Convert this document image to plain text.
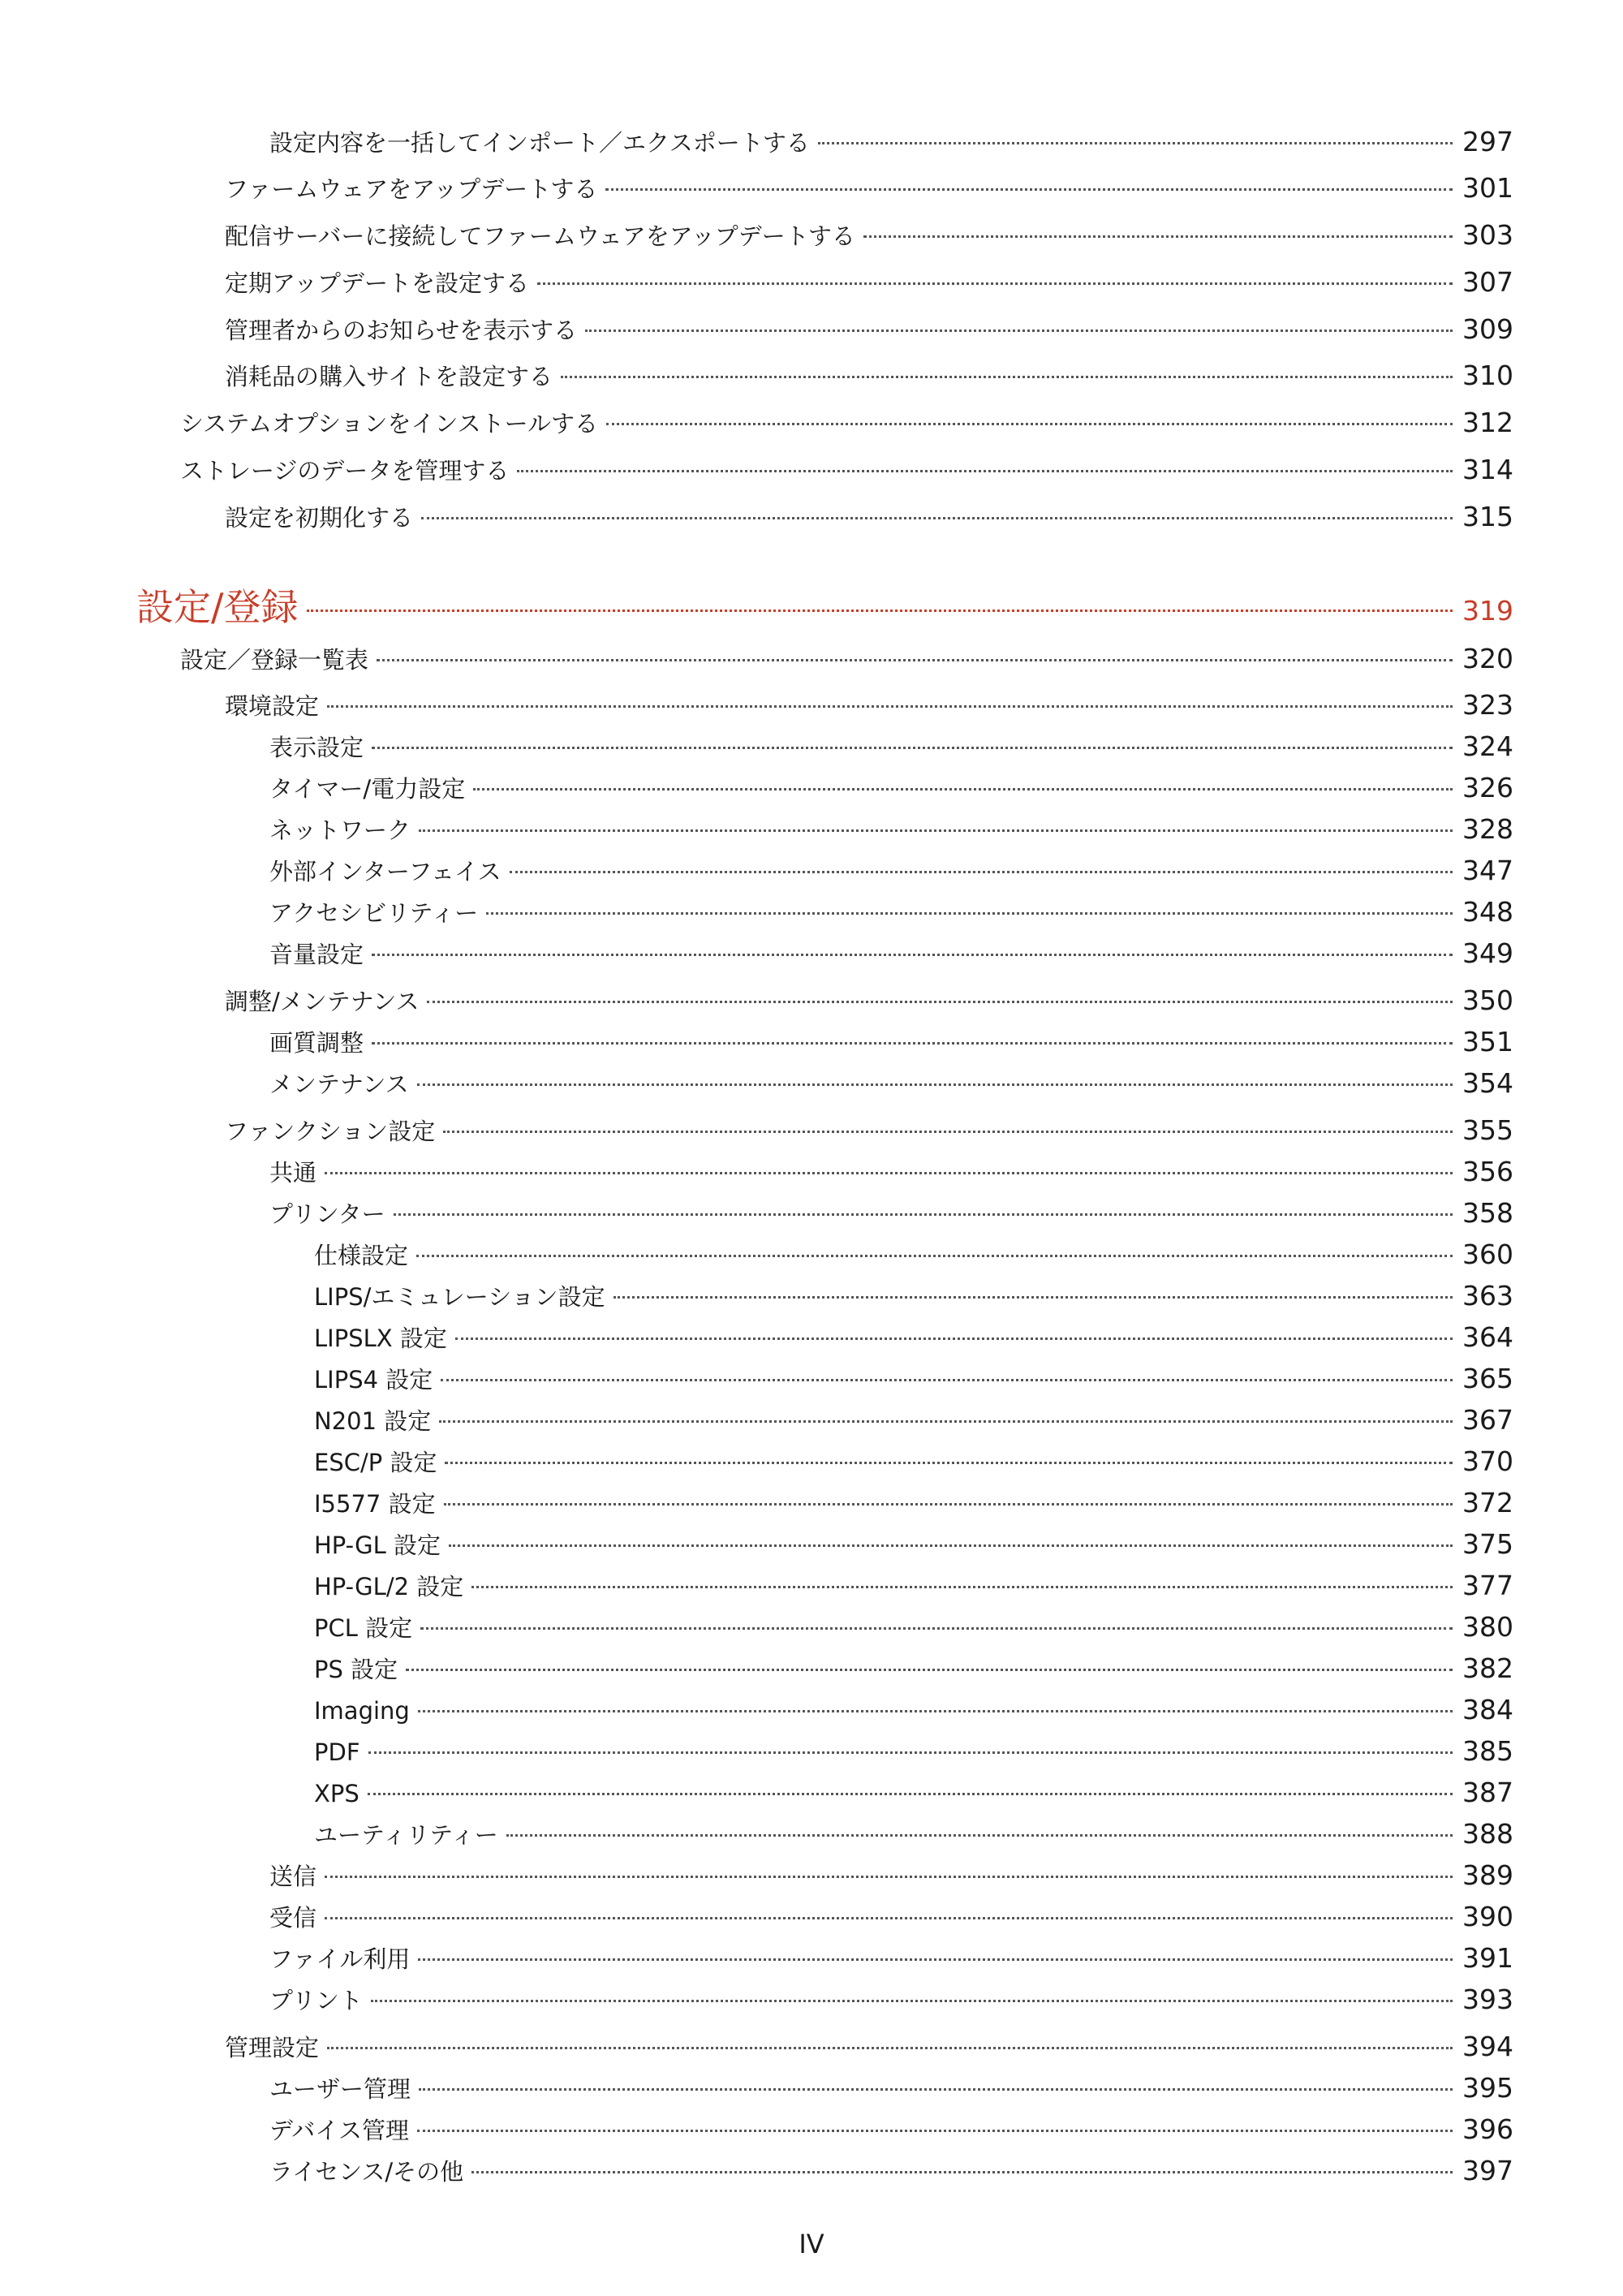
設定内容を一括してインポート／エクスポートする	297
ファームウェアをアップデートする	301
配信サーバーに接続してファームウェアをアップデートする	303
定期アップデートを設定する	307
管理者からのお知らせを表示する	309
消耗品の購入サイトを設定する	310
システムオプションをインストールする	312
ストレージのデータを管理する	314
設定を初期化する	315
設定/登録	319
設定／登録一覧表	320
環境設定	323
表示設定	324
タイマー/電力設定	326
ネットワーク	328
外部インターフェイス	347
アクセシビリティー	348
音量設定	349
調整/メンテナンス	350
画質調整	351
メンテナンス	354
ファンクション設定	355
共通	356
プリンター	358
仕様設定	360
LIPS/エミュレーション設定	363
LIPSLX 設定	364
LIPS4 設定	365
N201 設定	367
ESC/P 設定	370
I5577 設定	372
HP-GL 設定	375
HP-GL/2 設定	377
PCL 設定	380
PS 設定	382
Imaging	384
PDF	385
XPS	387
ユーティリティー	388
送信	389
受信	390
ファイル利用	391
プリント	393
管理設定	394
ユーザー管理	395
デバイス管理	396
ライセンス/その他	397
IV
